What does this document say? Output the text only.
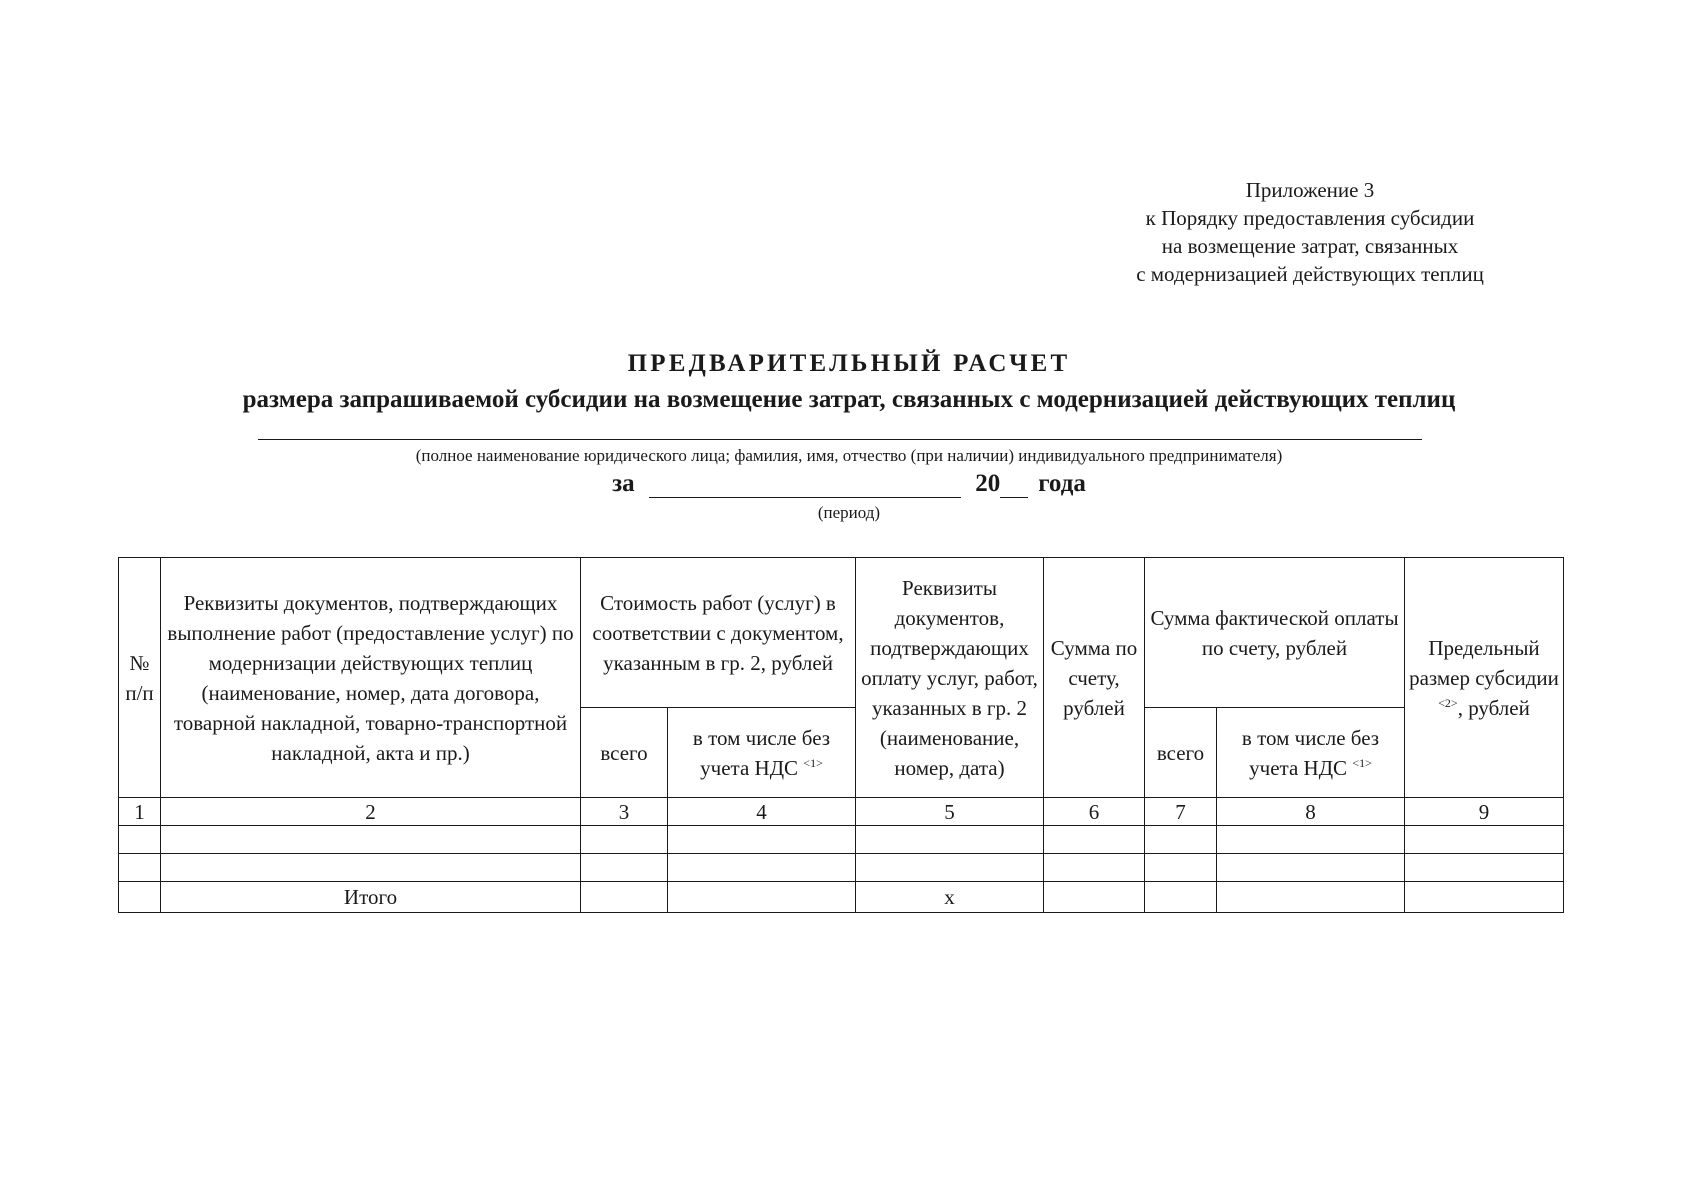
Приложение 3
к Порядку предоставления субсидии
на возмещение затрат, связанных
с модернизацией действующих теплиц
ПРЕДВАРИТЕЛЬНЫЙ РАСЧЕТ
размера запрашиваемой субсидии на возмещение затрат, связанных с модернизацией действующих теплиц
(полное наименование юридического лица; фамилия, имя, отчество (при наличии) индивидуального предпринимателя)
за	20 года
(период)
№ п/п	Реквизиты документов, подтверждающих выполнение работ (предоставление услуг) по модернизации действующих теплиц (наименование, номер, дата договора, товарной накладной, товарно-транспортной накладной, акта и пр.)	Стоимость работ (услуг) в соответствии с документом, указанным в гр. 2, рублей		Реквизиты документов, подтверждающих оплату услуг, работ, указанных в гр. 2 (наименование, номер, дата)	Сумма по счету, рублей	Сумма фактической оплаты по счету, рублей		Предельный размер субсидии $^{<2>}$, рублей
		всего	в том числе без учета НДС $^{<1>}$			всего	в том числе без учета НДС $^{<1>}$
1	2	3	4	5	6	7	8	9

	Итого			x				
